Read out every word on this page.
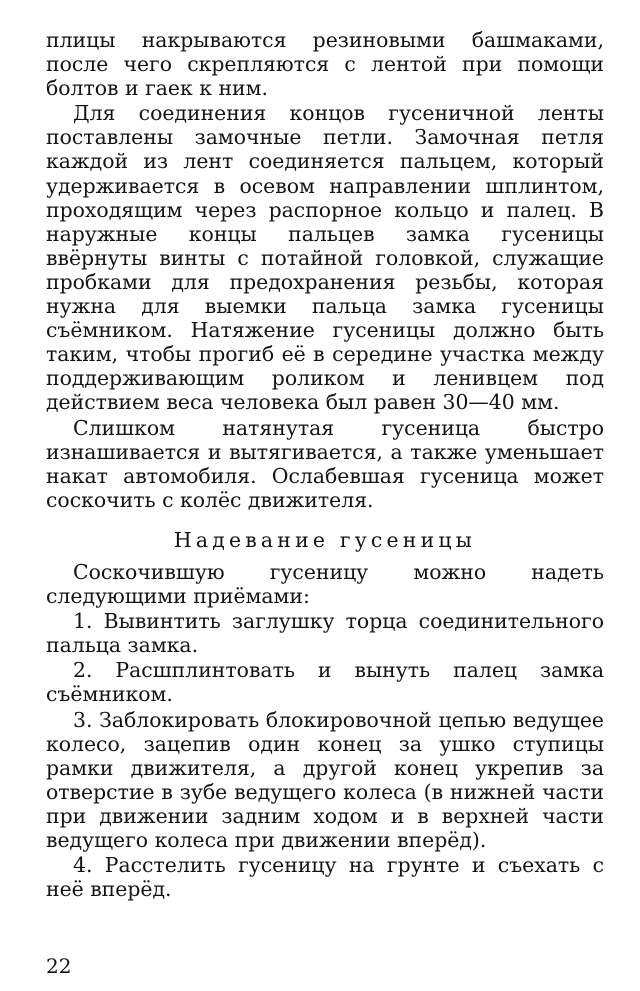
плицы накрываются резиновыми башмаками, после чего скрепляются с лентой при помощи болтов и гаек к ним.

Для соединения концов гусеничной ленты поставлены замочные петли. Замочная петля каждой из лент соединяется пальцем, который удерживается в осевом направлении шплинтом, проходящим через распорное кольцо и палец. В наружные концы пальцев замка гусеницы ввёрнуты винты с потайной головкой, служащие пробками для предохранения резьбы, которая нужна для выемки пальца замка гусеницы съёмником. Натяжение гусеницы должно быть таким, чтобы прогиб её в середине участка между поддерживающим роликом и ленивцем под действием веса человека был равен 30—40 мм.

Слишком натянутая гусеница быстро изнашивается и вытягивается, а также уменьшает накат автомобиля. Ослабевшая гусеница может соскочить с колёс движителя.

Надевание гусеницы

Соскочившую гусеницу можно надеть следующими приёмами:

1. Вывинтить заглушку торца соединительного пальца замка.

2. Расшплинтовать и вынуть палец замка съёмником.

3. Заблокировать блокировочной цепью ведущее колесо, зацепив один конец за ушко ступицы рамки движителя, а другой конец укрепив за отверстие в зубе ведущего колеса (в нижней части при движении задним ходом и в верхней части ведущего колеса при движении вперёд).

4. Расстелить гусеницу на грунте и съехать с неё вперёд.

22
